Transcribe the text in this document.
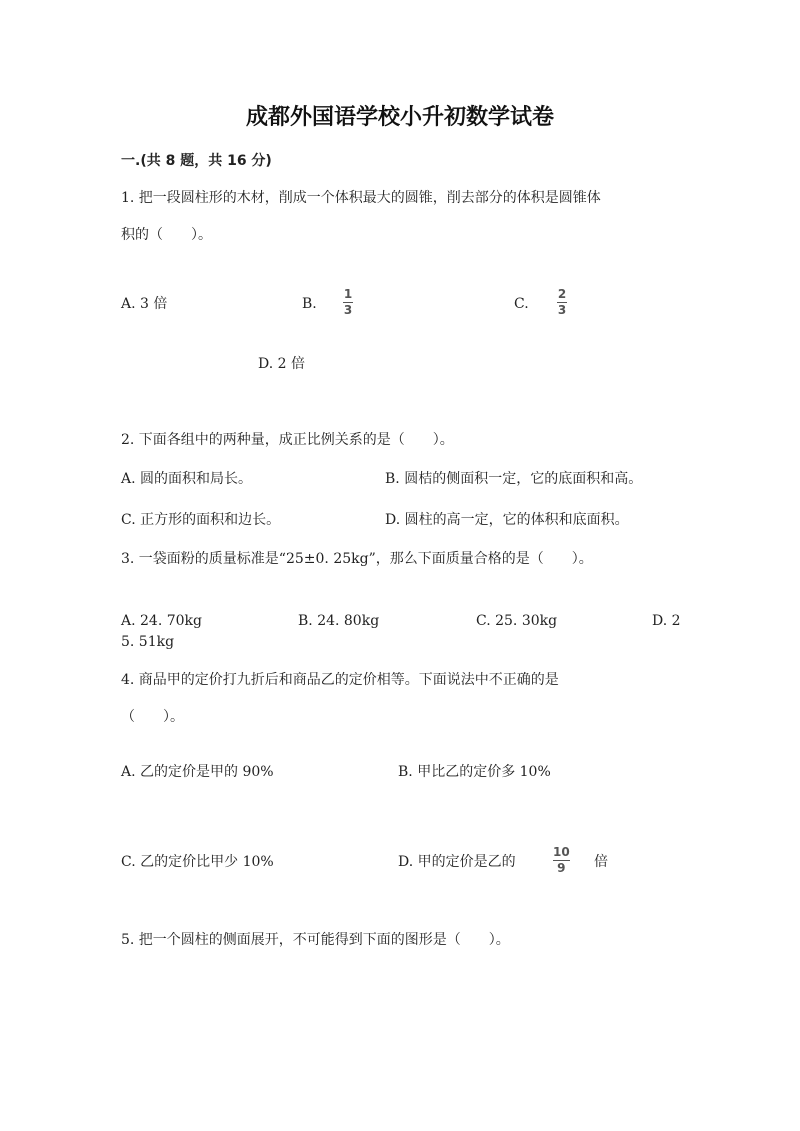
成都外国语学校小升初数学试卷
一.(共 8 题，共 16 分)
1. 把一段圆柱形的木材，削成一个体积最大的圆锥，削去部分的体积是圆锥体
积的（　　）。
A. 3 倍	B.
1
3	C.
2
3
D. 2 倍
2. 下面各组中的两种量，成正比例关系的是（　　）。
A. 圆的面积和局长。	B. 圆桔的侧面积一定，它的底面积和高。
C. 正方形的面积和边长。	D. 圆柱的高一定，它的体积和底面积。
3. 一袋面粉的质量标准是“25±0. 25kg”，那么下面质量合格的是（　　）。
A. 24. 70kg	B. 24. 80kg	C. 25. 30kg	D. 2
5. 51kg
4. 商品甲的定价打九折后和商品乙的定价相等。下面说法中不正确的是
（　　）。
A. 乙的定价是甲的 90%	B. 甲比乙的定价多 10%
C. 乙的定价比甲少 10%	D. 甲的定价是乙的
10
9 倍
5. 把一个圆柱的侧面展开，不可能得到下面的图形是（　　）。
